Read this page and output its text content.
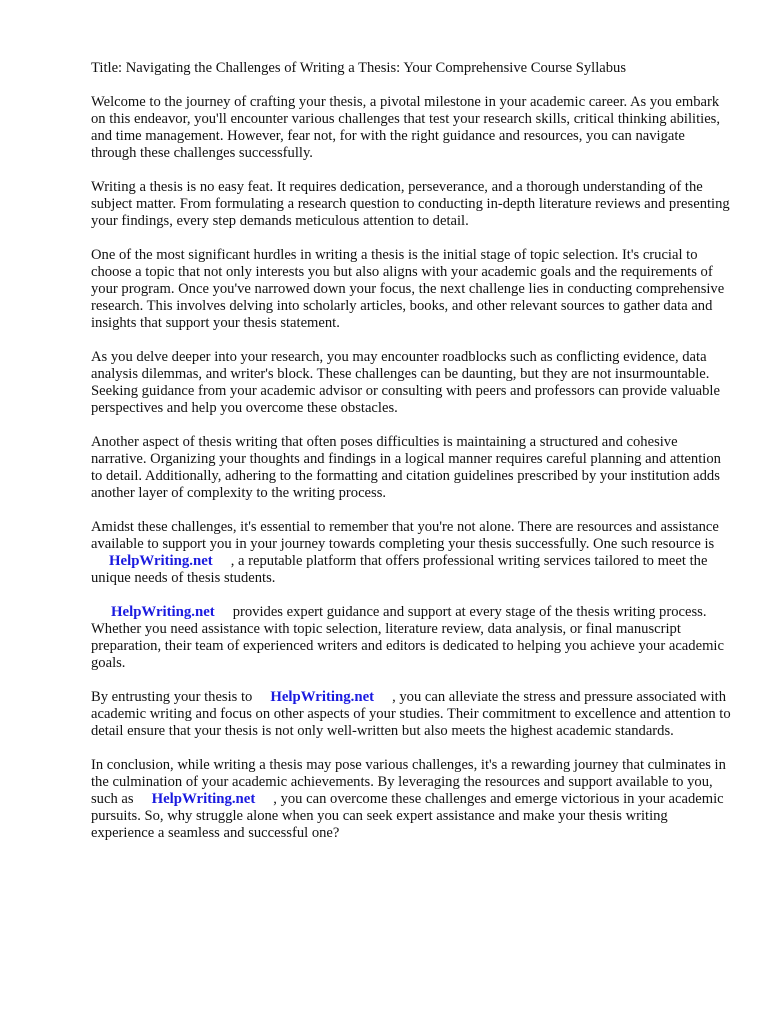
Title: Navigating the Challenges of Writing a Thesis: Your Comprehensive Course Syllabus

Welcome to the journey of crafting your thesis, a pivotal milestone in your academic career. As you embark on this endeavor, you'll encounter various challenges that test your research skills, critical thinking abilities, and time management. However, fear not, for with the right guidance and resources, you can navigate through these challenges successfully.

Writing a thesis is no easy feat. It requires dedication, perseverance, and a thorough understanding of the subject matter. From formulating a research question to conducting in-depth literature reviews and presenting your findings, every step demands meticulous attention to detail.

One of the most significant hurdles in writing a thesis is the initial stage of topic selection. It's crucial to choose a topic that not only interests you but also aligns with your academic goals and the requirements of your program. Once you've narrowed down your focus, the next challenge lies in conducting comprehensive research. This involves delving into scholarly articles, books, and other relevant sources to gather data and insights that support your thesis statement.

As you delve deeper into your research, you may encounter roadblocks such as conflicting evidence, data analysis dilemmas, and writer's block. These challenges can be daunting, but they are not insurmountable. Seeking guidance from your academic advisor or consulting with peers and professors can provide valuable perspectives and help you overcome these obstacles.

Another aspect of thesis writing that often poses difficulties is maintaining a structured and cohesive narrative. Organizing your thoughts and findings in a logical manner requires careful planning and attention to detail. Additionally, adhering to the formatting and citation guidelines prescribed by your institution adds another layer of complexity to the writing process.

Amidst these challenges, it's essential to remember that you're not alone. There are resources and assistance available to support you in your journey towards completing your thesis successfully. One such resource isHelpWriting.net , a reputable platform that offers professional writing services tailored to meet the unique needs of thesis students.

HelpWriting.net provides expert guidance and support at every stage of the thesis writing process. Whether you need assistance with topic selection, literature review, data analysis, or final manuscript preparation, their team of experienced writers and editors is dedicated to helping you achieve your academic goals.

By entrusting your thesis to HelpWriting.net , you can alleviate the stress and pressure associated with academic writing and focus on other aspects of your studies. Their commitment to excellence and attention to detail ensure that your thesis is not only well-written but also meets the highest academic standards.

In conclusion, while writing a thesis may pose various challenges, it's a rewarding journey that culminates in the culmination of your academic achievements. By leveraging the resources and support available to you, such as HelpWriting.net , you can overcome these challenges and emerge victorious in your academic pursuits. So, why struggle alone when you can seek expert assistance and make your thesis writing experience a seamless and successful one?
